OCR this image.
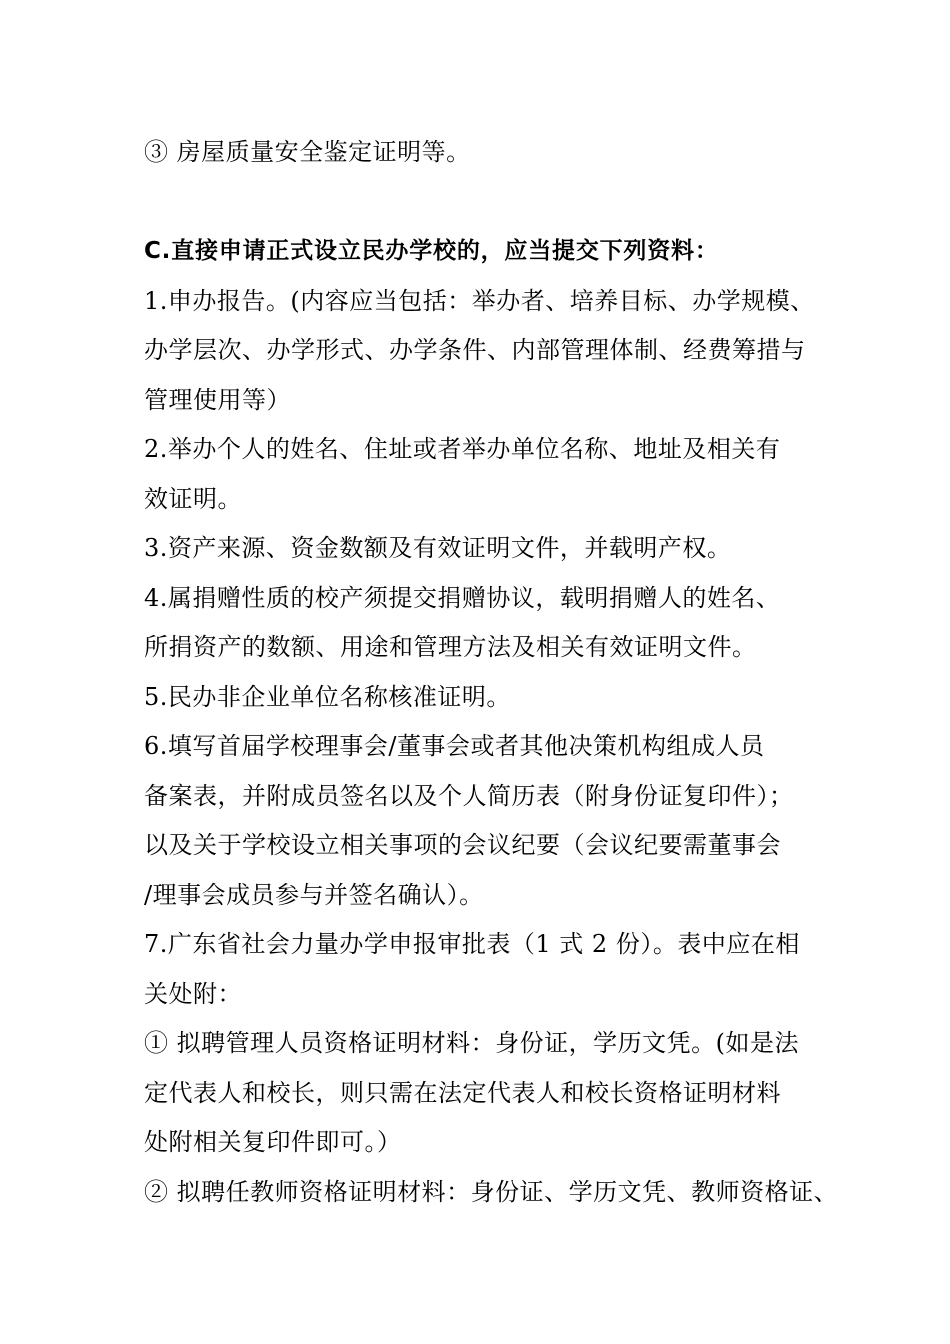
③ 房屋质量安全鉴定证明等。
C.直接申请正式设立民办学校的，应当提交下列资料：
1.申办报告。(内容应当包括：举办者、培养目标、办学规模、
办学层次、办学形式、办学条件、内部管理体制、经费筹措与
管理使用等）
2.举办个人的姓名、住址或者举办单位名称、地址及相关有
效证明。
3.资产来源、资金数额及有效证明文件，并载明产权。
4.属捐赠性质的校产须提交捐赠协议，载明捐赠人的姓名、
所捐资产的数额、用途和管理方法及相关有效证明文件。
5.民办非企业单位名称核准证明。
6.填写首届学校理事会/董事会或者其他决策机构组成人员
备案表，并附成员签名以及个人简历表（附身份证复印件）；
以及关于学校设立相关事项的会议纪要（会议纪要需董事会
/理事会成员参与并签名确认）。
7.广东省社会力量办学申报审批表（1 式 2 份）。表中应在相
关处附：
① 拟聘管理人员资格证明材料：身份证，学历文凭。(如是法
定代表人和校长，则只需在法定代表人和校长资格证明材料
处附相关复印件即可。）
② 拟聘任教师资格证明材料：身份证、学历文凭、教师资格证、
